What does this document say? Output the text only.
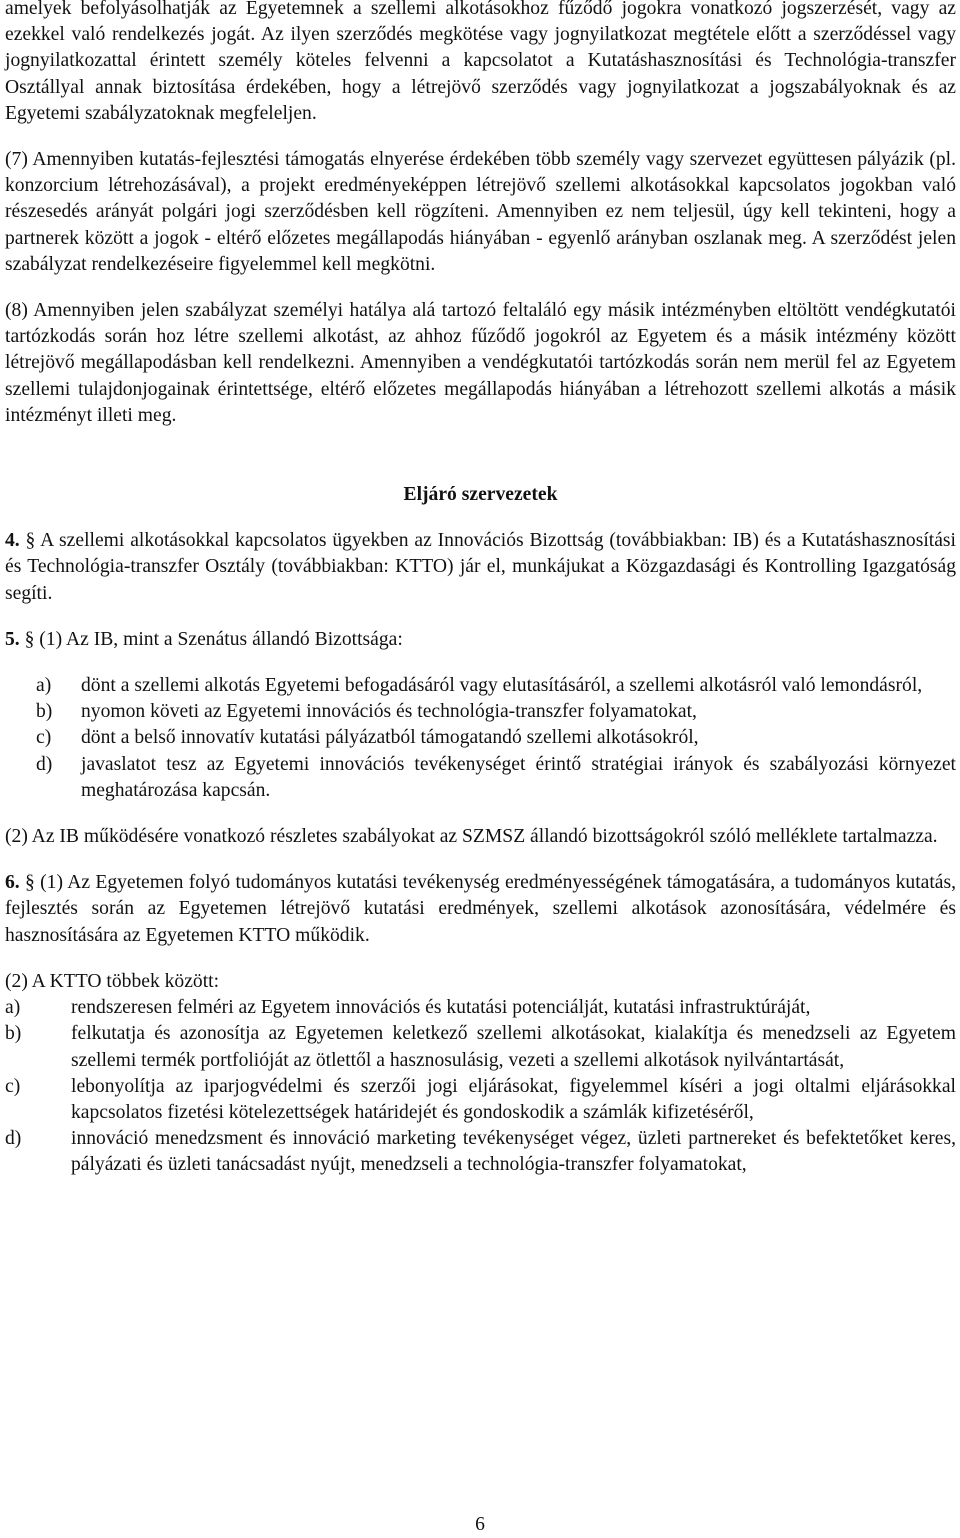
amelyek befolyásolhatják az Egyetemnek a szellemi alkotásokhoz fűződő jogokra vonatkozó jogszerzését, vagy az ezekkel való rendelkezés jogát. Az ilyen szerződés megkötése vagy jognyilatkozat megtétele előtt a szerződéssel vagy jognyilatkozattal érintett személy köteles felvenni a kapcsolatot a Kutatáshasznosítási és Technológia-transzfer Osztállyal annak biztosítása érdekében, hogy a létrejövő szerződés vagy jognyilatkozat a jogszabályoknak és az Egyetemi szabályzatoknak megfeleljen.

(7) Amennyiben kutatás-fejlesztési támogatás elnyerése érdekében több személy vagy szervezet együttesen pályázik (pl. konzorcium létrehozásával), a projekt eredményeképpen létrejövő szellemi alkotásokkal kapcsolatos jogokban való részesedés arányát polgári jogi szerződésben kell rögzíteni. Amennyiben ez nem teljesül, úgy kell tekinteni, hogy a partnerek között a jogok - eltérő előzetes megállapodás hiányában - egyenlő arányban oszlanak meg. A szerződést jelen szabályzat rendelkezéseire figyelemmel kell megkötni.

(8) Amennyiben jelen szabályzat személyi hatálya alá tartozó feltaláló egy másik intézményben eltöltött vendégkutatói tartózkodás során hoz létre szellemi alkotást, az ahhoz fűződő jogokról az Egyetem és a másik intézmény között létrejövő megállapodásban kell rendelkezni. Amennyiben a vendégkutatói tartózkodás során nem merül fel az Egyetem szellemi tulajdonjogainak érintettsége, eltérő előzetes megállapodás hiányában a létrehozott szellemi alkotás a másik intézményt illeti meg.

Eljáró szervezetek

4. § A szellemi alkotásokkal kapcsolatos ügyekben az Innovációs Bizottság (továbbiakban: IB) és a Kutatáshasznosítási és Technológia-transzfer Osztály (továbbiakban: KTTO) jár el, munkájukat a Közgazdasági és Kontrolling Igazgatóság segíti.

5. § (1) Az IB, mint a Szenátus állandó Bizottsága:

a) dönt a szellemi alkotás Egyetemi befogadásáról vagy elutasításáról, a szellemi alkotásról való lemondásról,
b) nyomon követi az Egyetemi innovációs és technológia-transzfer folyamatokat,
c) dönt a belső innovatív kutatási pályázatból támogatandó szellemi alkotásokról,
d) javaslatot tesz az Egyetemi innovációs tevékenységet érintő stratégiai irányok és szabályozási környezet meghatározása kapcsán.

(2) Az IB működésére vonatkozó részletes szabályokat az SZMSZ állandó bizottságokról szóló melléklete tartalmazza.

6. § (1) Az Egyetemen folyó tudományos kutatási tevékenység eredményességének támogatására, a tudományos kutatás, fejlesztés során az Egyetemen létrejövő kutatási eredmények, szellemi alkotások azonosítására, védelmére és hasznosítására az Egyetemen KTTO működik.

(2) A KTTO többek között:

a)	rendszeresen felméri az Egyetem innovációs és kutatási potenciálját, kutatási infrastruktúráját,
b)	felkutatja és azonosítja az Egyetemen keletkező szellemi alkotásokat, kialakítja és menedzseli az Egyetem szellemi termék portfolióját az ötlettől a hasznosulásig, vezeti a szellemi alkotások nyilvántartását,
c)	lebonyolítja az iparjogvédelmi és szerzői jogi eljárásokat, figyelemmel kíséri a jogi oltalmi eljárásokkal kapcsolatos fizetési kötelezettségek határidejét és gondoskodik a számlák kifizetéséről,
d)	innováció menedzsment és innováció marketing tevékenységet végez, üzleti partnereket és befektetőket keres, pályázati és üzleti tanácsadást nyújt, menedzseli a technológia-transzfer folyamatokat,
6
